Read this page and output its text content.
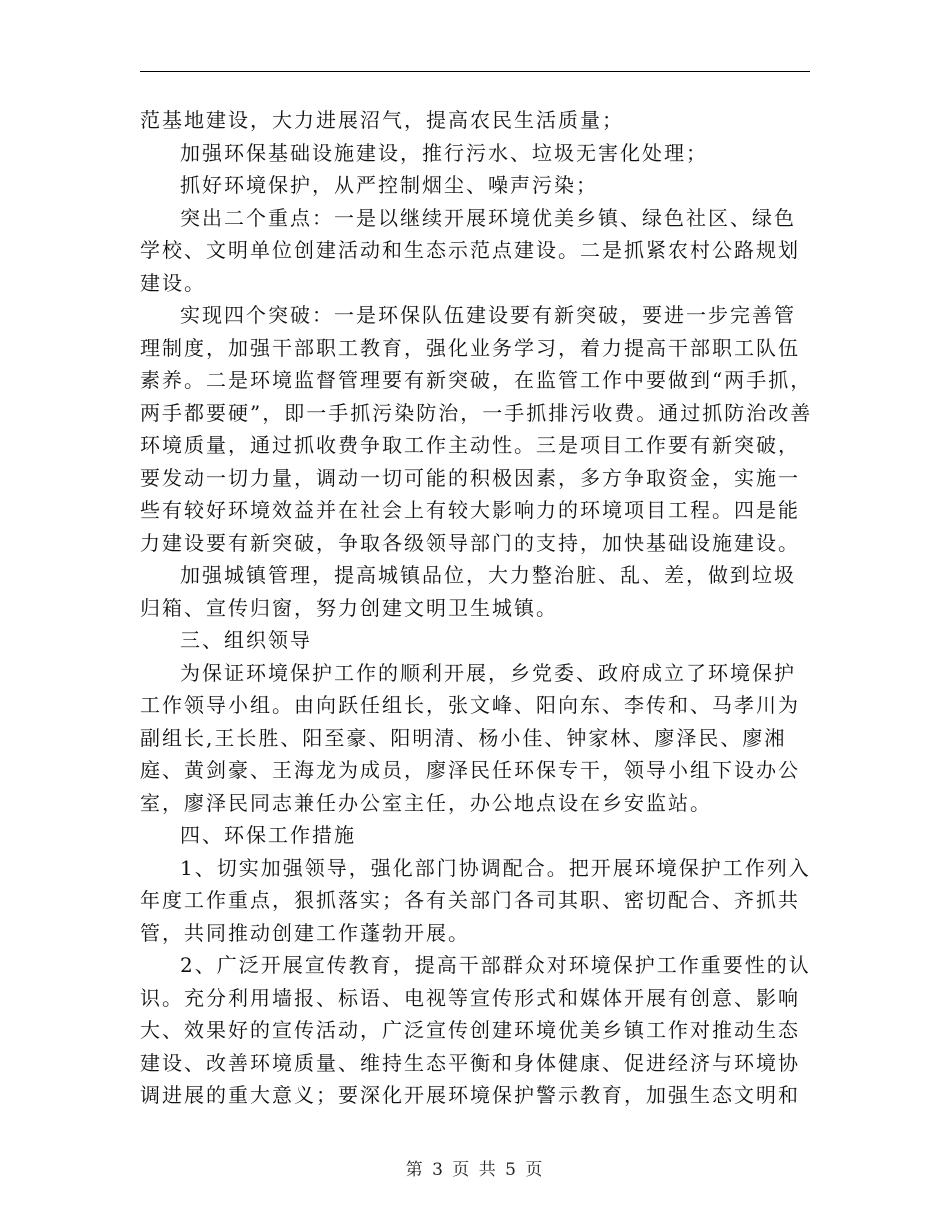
范基地建设，大力进展沼气，提高农民生活质量；

加强环保基础设施建设，推行污水、垃圾无害化处理；

抓好环境保护，从严控制烟尘、噪声污染；

突出二个重点：一是以继续开展环境优美乡镇、绿色社区、绿色学校、文明单位创建活动和生态示范点建设。二是抓紧农村公路规划建设。

实现四个突破：一是环保队伍建设要有新突破，要进一步完善管理制度，加强干部职工教育，强化业务学习，着力提高干部职工队伍素养。二是环境监督管理要有新突破，在监管工作中要做到“两手抓，两手都要硬”，即一手抓污染防治，一手抓排污收费。通过抓防治改善环境质量，通过抓收费争取工作主动性。三是项目工作要有新突破，要发动一切力量，调动一切可能的积极因素，多方争取资金，实施一些有较好环境效益并在社会上有较大影响力的环境项目工程。四是能力建设要有新突破，争取各级领导部门的支持，加快基础设施建设。

加强城镇管理，提高城镇品位，大力整治脏、乱、差，做到垃圾归箱、宣传归窗，努力创建文明卫生城镇。

三、组织领导

为保证环境保护工作的顺利开展，乡党委、政府成立了环境保护工作领导小组。由向跃任组长，张文峰、阳向东、李传和、马孝川为副组长,王长胜、阳至豪、阳明清、杨小佳、钟家林、廖泽民、廖湘庭、黄剑豪、王海龙为成员，廖泽民任环保专干，领导小组下设办公室，廖泽民同志兼任办公室主任，办公地点设在乡安监站。

四、环保工作措施

1、切实加强领导，强化部门协调配合。把开展环境保护工作列入年度工作重点，狠抓落实；各有关部门各司其职、密切配合、齐抓共管，共同推动创建工作蓬勃开展。

2、广泛开展宣传教育，提高干部群众对环境保护工作重要性的认识。充分利用墙报、标语、电视等宣传形式和媒体开展有创意、影响大、效果好的宣传活动，广泛宣传创建环境优美乡镇工作对推动生态建设、改善环境质量、维持生态平衡和身体健康、促进经济与环境协调进展的重大意义；要深化开展环境保护警示教育，加强生态文明和

第 3 页 共 5 页
